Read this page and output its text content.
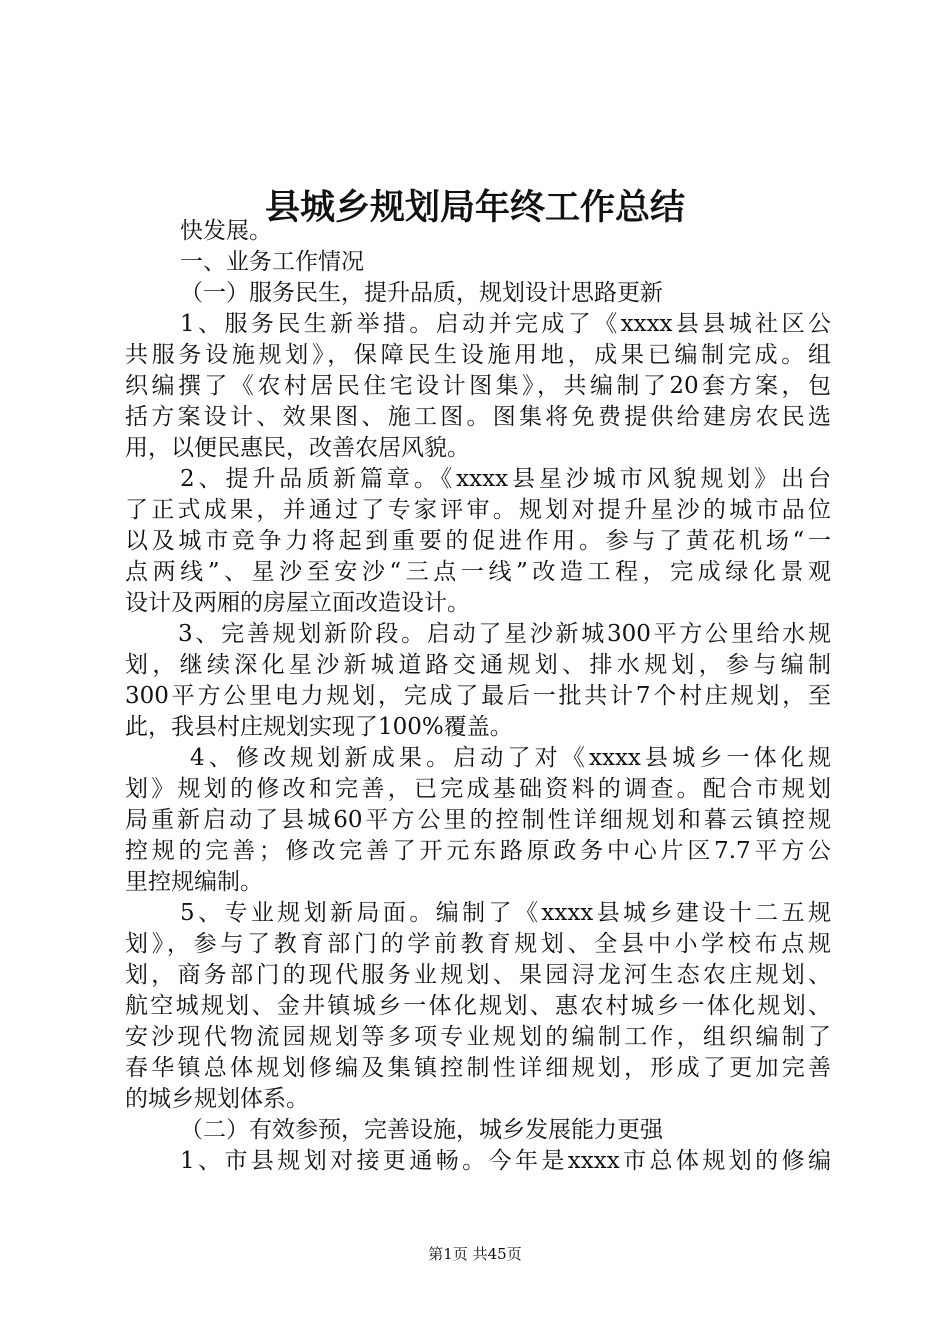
县城乡规划局年终工作总结
快发展。
一、业务工作情况
（一）服务民生，提升品质，规划设计思路更新
1、服务民生新举措。启动并完成了《xxxx县县城社区公
共服务设施规划》，保障民生设施用地，成果已编制完成。组
织编撰了《农村居民住宅设计图集》，共编制了20套方案，包
括方案设计、效果图、施工图。图集将免费提供给建房农民选
用，以便民惠民，改善农居风貌。
2、提升品质新篇章。《xxxx县星沙城市风貌规划》出台
了正式成果，并通过了专家评审。规划对提升星沙的城市品位
以及城市竞争力将起到重要的促进作用。参与了黄花机场“一
点两线”、星沙至安沙“三点一线”改造工程，完成绿化景观
设计及两厢的房屋立面改造设计。
3、完善规划新阶段。启动了星沙新城300平方公里给水规
划，继续深化星沙新城道路交通规划、排水规划，参与编制
300平方公里电力规划，完成了最后一批共计7个村庄规划，至
此，我县村庄规划实现了100%覆盖。
4、修改规划新成果。启动了对《xxxx县城乡一体化规
划》规划的修改和完善，已完成基础资料的调查。配合市规划
局重新启动了县城60平方公里的控制性详细规划和暮云镇控规
控规的完善；修改完善了开元东路原政务中心片区7.7平方公
里控规编制。
5、专业规划新局面。编制了《xxxx县城乡建设十二五规
划》，参与了教育部门的学前教育规划、全县中小学校布点规
划，商务部门的现代服务业规划、果园浔龙河生态农庄规划、
航空城规划、金井镇城乡一体化规划、惠农村城乡一体化规划、
安沙现代物流园规划等多项专业规划的编制工作，组织编制了
春华镇总体规划修编及集镇控制性详细规划，形成了更加完善
的城乡规划体系。
（二）有效参预，完善设施，城乡发展能力更强
1、市县规划对接更通畅。今年是xxxx市总体规划的修编
第1页 共45页
